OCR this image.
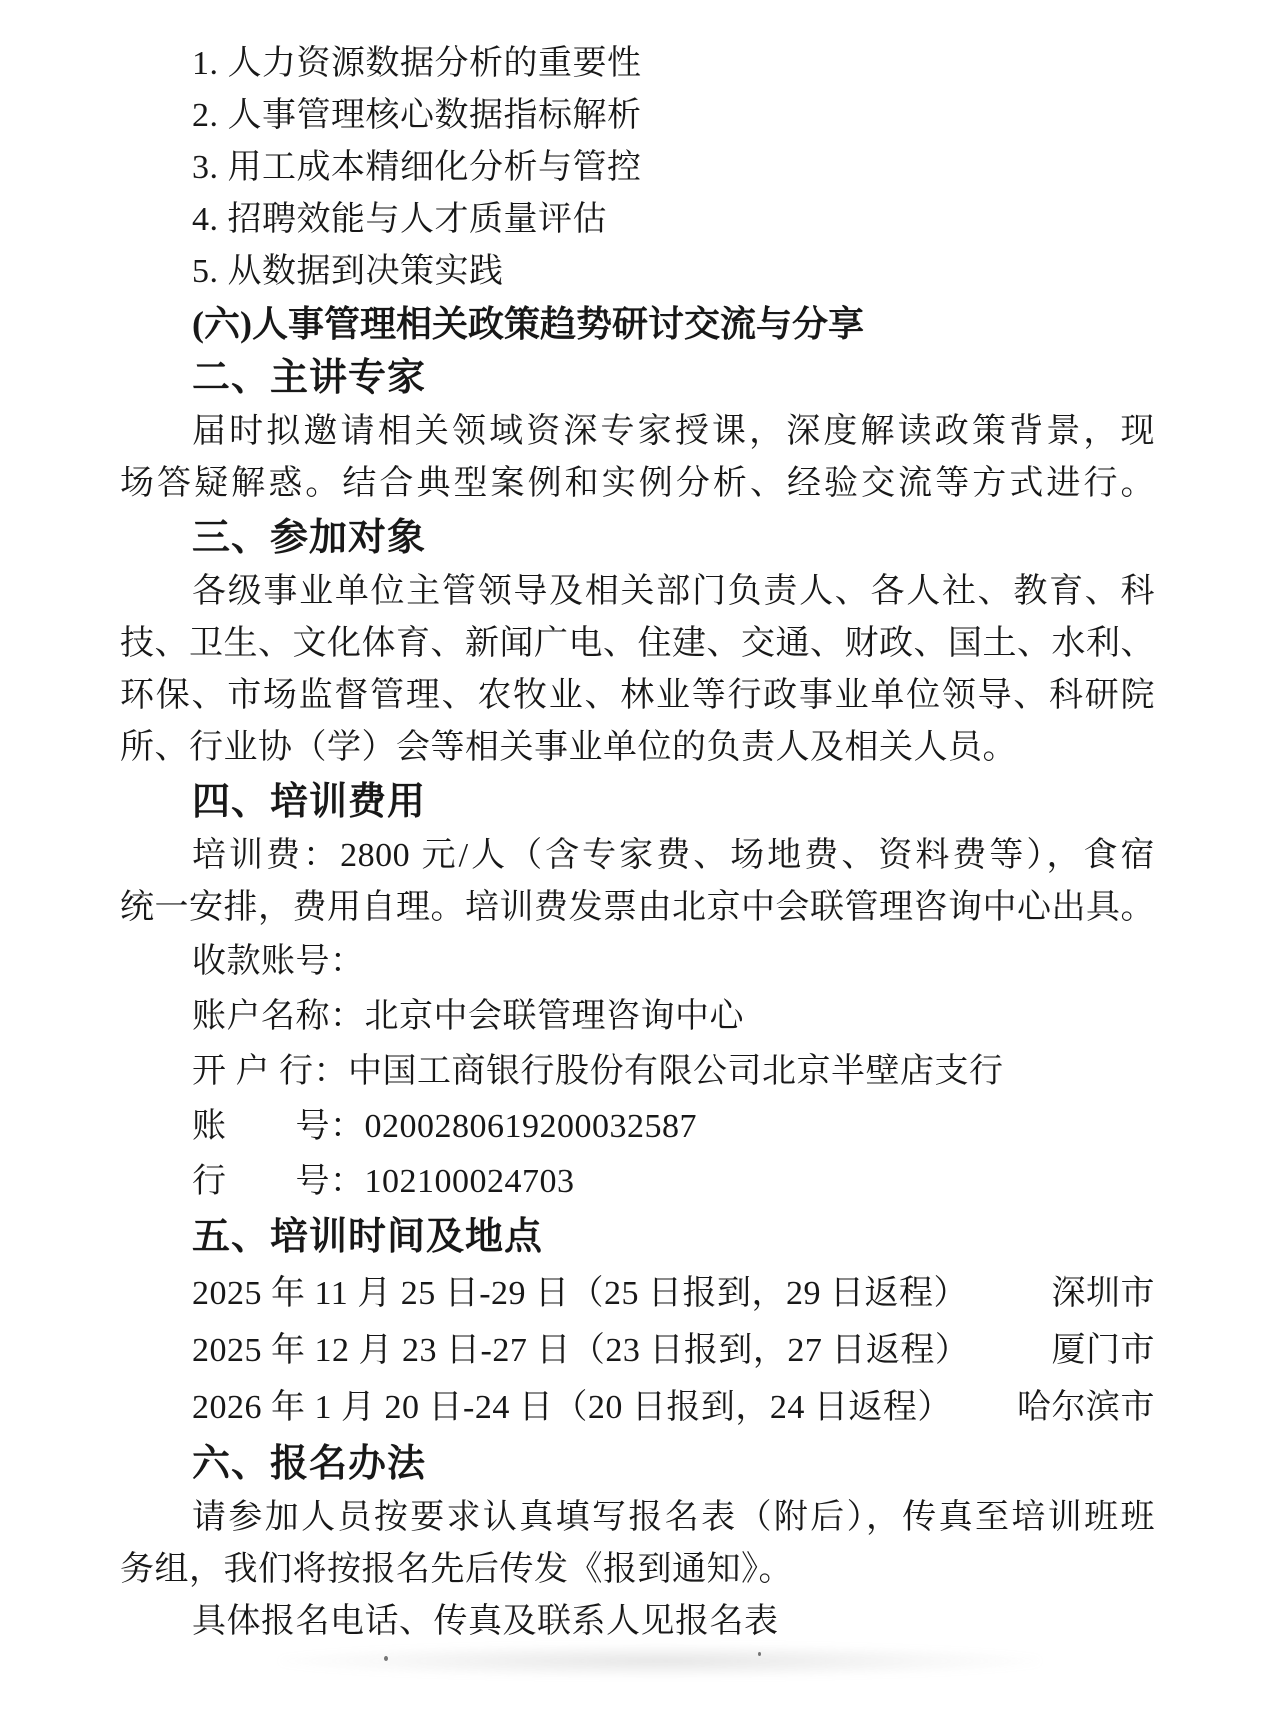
1. 人力资源数据分析的重要性
2. 人事管理核心数据指标解析
3. 用工成本精细化分析与管控
4. 招聘效能与人才质量评估
5. 从数据到决策实践
(六)人事管理相关政策趋势研讨交流与分享
二、主讲专家
届时拟邀请相关领域资深专家授课，深度解读政策背景，现
场答疑解惑。结合典型案例和实例分析、经验交流等方式进行。
三、参加对象
各级事业单位主管领导及相关部门负责人、各人社、教育、科
技、卫生、文化体育、新闻广电、住建、交通、财政、国土、水利、
环保、市场监督管理、农牧业、林业等行政事业单位领导、科研院
所、行业协（学）会等相关事业单位的负责人及相关人员。
四、培训费用
培训费：2800 元/人（含专家费、场地费、资料费等），食宿
统一安排，费用自理。培训费发票由北京中会联管理咨询中心出具。
收款账号：
账户名称：北京中会联管理咨询中心
开 户 行：中国工商银行股份有限公司北京半壁店支行
账  号：0200280619200032587
行  号：102100024703
五、培训时间及地点
2025 年 11 月 25 日-29 日（25 日报到，29 日返程） 深圳市
2025 年 12 月 23 日-27 日（23 日报到，27 日返程） 厦门市
2026 年 1 月 20 日-24 日（20 日报到，24 日返程） 哈尔滨市
六、报名办法
请参加人员按要求认真填写报名表（附后），传真至培训班班
务组，我们将按报名先后传发《报到通知》。
具体报名电话、传真及联系人见报名表
